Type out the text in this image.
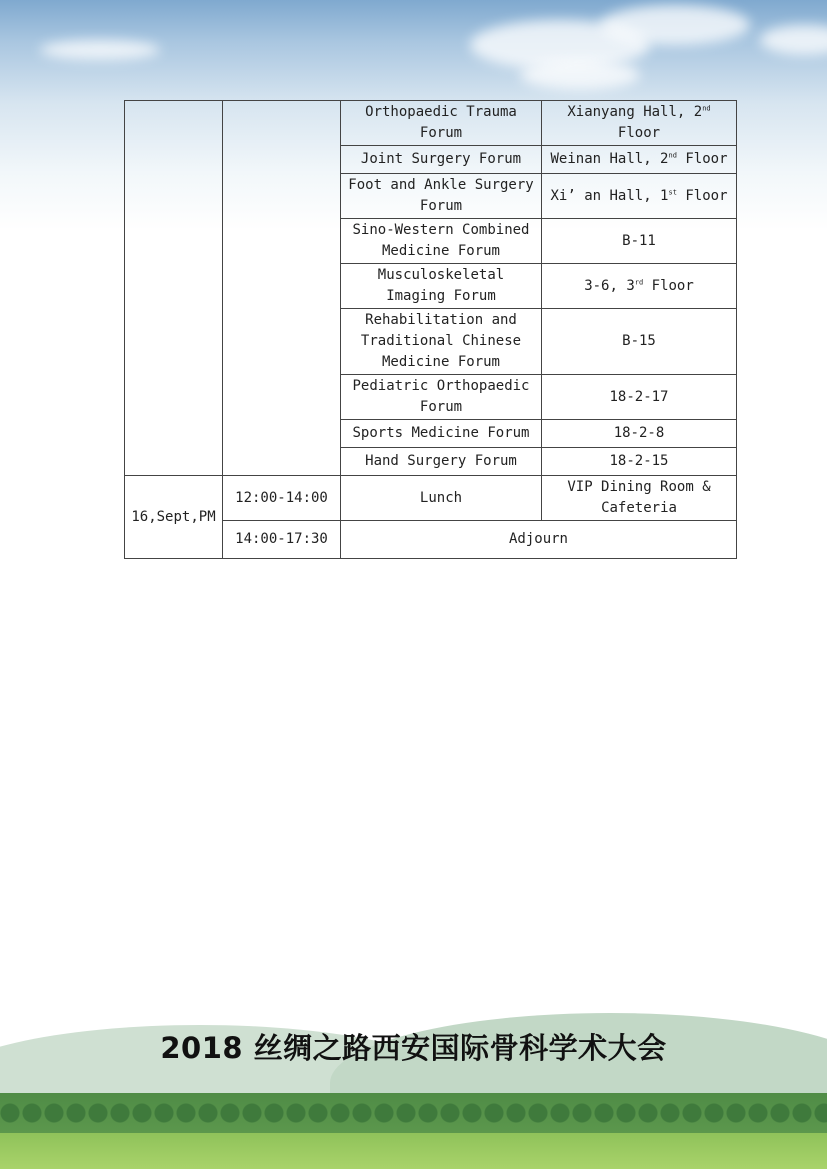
		Orthopaedic Trauma Forum	Xianyang Hall, 2nd Floor
		Joint Surgery Forum	Weinan Hall, 2nd Floor
		Foot and Ankle Surgery Forum	Xi’ an Hall, 1st Floor
		Sino-Western Combined Medicine Forum	B-11
		Musculoskeletal Imaging Forum	3-6, 3rd Floor
		Rehabilitation and Traditional Chinese Medicine Forum	B-15
		Pediatric Orthopaedic Forum	18-2-17
		Sports Medicine Forum	18-2-8
		Hand Surgery Forum	18-2-15
16,Sept,PM	12:00-14:00	Lunch	VIP Dining Room & Cafeteria
	14:00-17:30	Adjourn	
2018 丝绸之路西安国际骨科学术大会
